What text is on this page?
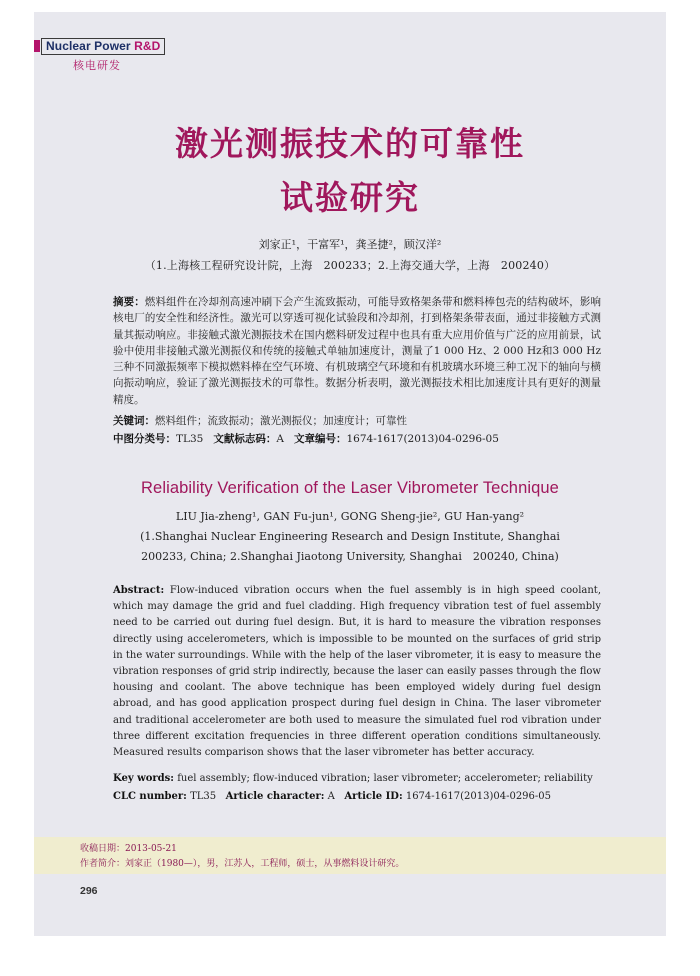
Nuclear Power R&D
核电研发
激光测振技术的可靠性
试验研究
刘家正¹，干富军¹，龚圣捷²，顾汉洋²
（1.上海核工程研究设计院，上海　200233；2.上海交通大学，上海　200240）
摘要：燃料组件在冷却剂高速冲刷下会产生流致振动，可能导致格架条带和燃料棒包壳的结构破坏，影响核电厂的安全性和经济性。激光可以穿透可视化试验段和冷却剂，打到格架条带表面，通过非接触方式测量其振动响应。非接触式激光测振技术在国内燃料研发过程中也具有重大应用价值与广泛的应用前景，试验中使用非接触式激光测振仪和传统的接触式单轴加速度计，测量了1 000 Hz、2 000 Hz和3 000 Hz三种不同激振频率下模拟燃料棒在空气环境、有机玻璃空气环境和有机玻璃水环境三种工况下的轴向与横向振动响应，验证了激光测振技术的可靠性。数据分析表明，激光测振技术相比加速度计具有更好的测量精度。
关键词：燃料组件；流致振动；激光测振仪；加速度计；可靠性
中图分类号：TL35 文献标志码：A 文章编号：1674-1617(2013)04-0296-05
Reliability Verification of the Laser Vibrometer Technique
LIU Jia-zheng¹, GAN Fu-jun¹, GONG Sheng-jie², GU Han-yang²
(1.Shanghai Nuclear Engineering Research and Design Institute, Shanghai
200233, China; 2.Shanghai Jiaotong University, Shanghai　200240, China)
Abstract: Flow-induced vibration occurs when the fuel assembly is in high speed coolant, which may damage the grid and fuel cladding. High frequency vibration test of fuel assembly need to be carried out during fuel design. But, it is hard to measure the vibration responses directly using accelerometers, which is impossible to be mounted on the surfaces of grid strip in the water surroundings. While with the help of the laser vibrometer, it is easy to measure the vibration responses of grid strip indirectly, because the laser can easily passes through the flow housing and coolant. The above technique has been employed widely during fuel design abroad, and has good application prospect during fuel design in China. The laser vibrometer and traditional accelerometer are both used to measure the simulated fuel rod vibration under three different excitation frequencies in three different operation conditions simultaneously. Measured results comparison shows that the laser vibrometer has better accuracy.
Key words: fuel assembly; flow-induced vibration; laser vibrometer; accelerometer; reliability
CLC number: TL35 Article character: A Article ID: 1674-1617(2013)04-0296-05
收稿日期：2013-05-21
作者简介：刘家正（1980—），男，江苏人，工程师，硕士，从事燃料设计研究。
296
